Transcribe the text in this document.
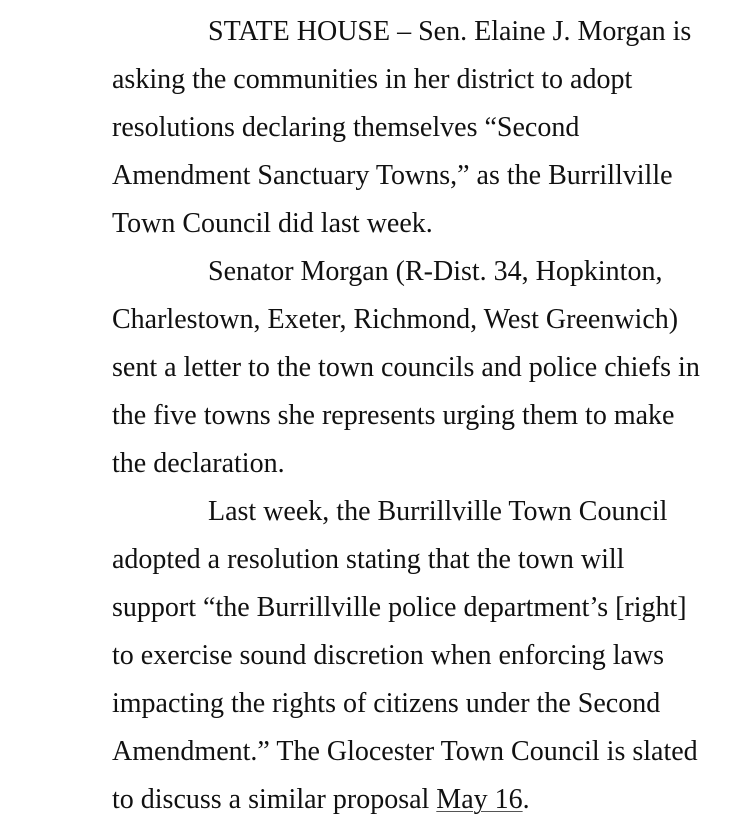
STATE HOUSE – Sen. Elaine J. Morgan is
asking the communities in her district to adopt
resolutions declaring themselves “Second
Amendment Sanctuary Towns,” as the Burrillville
Town Council did last week.
Senator Morgan (R-Dist. 34, Hopkinton,
Charlestown, Exeter, Richmond, West Greenwich)
sent a letter to the town councils and police chiefs in
the five towns she represents urging them to make
the declaration.
Last week, the Burrillville Town Council
adopted a resolution stating that the town will
support “the Burrillville police department’s [right]
to exercise sound discretion when enforcing laws
impacting the rights of citizens under the Second
Amendment.” The Glocester Town Council is slated
to discuss a similar proposal May 16.
